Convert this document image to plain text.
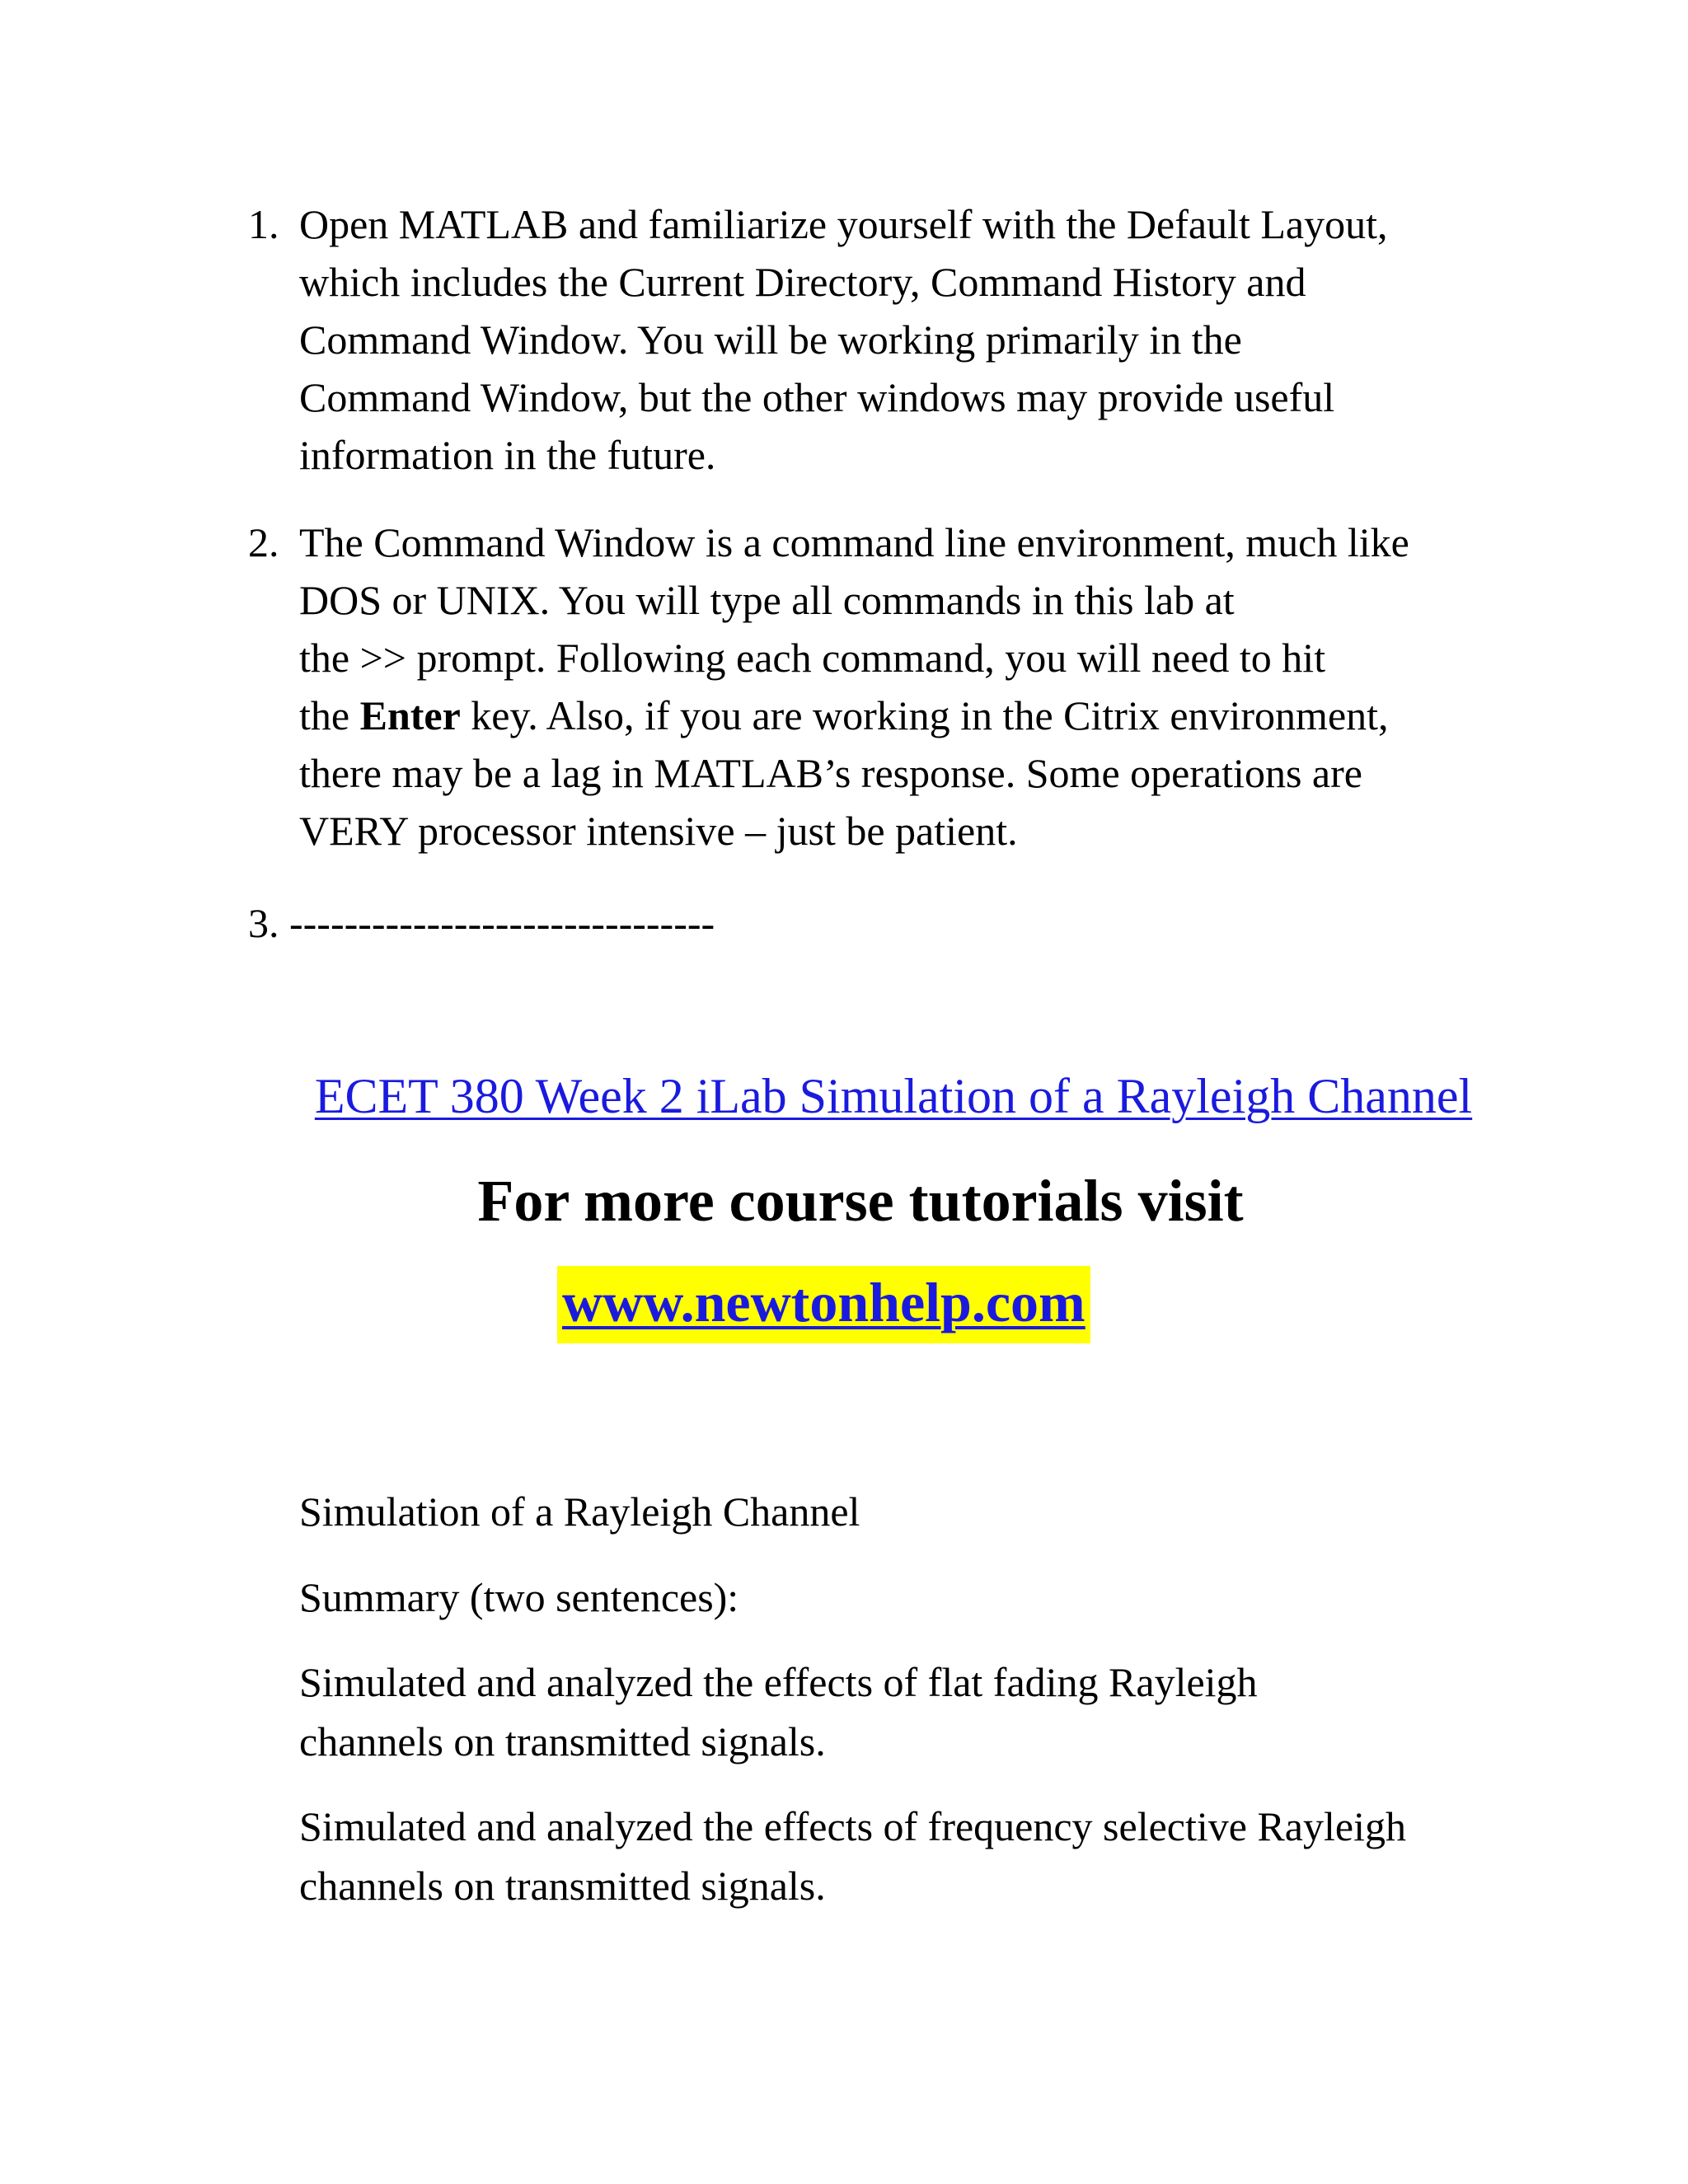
1. Open MATLAB and familiarize yourself with the Default Layout,
which includes the Current Directory, Command History and
Command Window. You will be working primarily in the
Command Window, but the other windows may provide useful
information in the future.
2. The Command Window is a command line environment, much like
DOS or UNIX. You will type all commands in this lab at
the >> prompt. Following each command, you will need to hit
the Enter key. Also, if you are working in the Citrix environment,
there may be a lag in MATLAB’s response. Some operations are
VERY processor intensive – just be patient.
3. -------------------------------
ECET 380 Week 2 iLab Simulation of a Rayleigh Channel
For more course tutorials visit
www.newtonhelp.com
Simulation of a Rayleigh Channel
Summary (two sentences):
Simulated and analyzed the effects of flat fading Rayleigh
channels on transmitted signals.
Simulated and analyzed the effects of frequency selective Rayleigh
channels on transmitted signals.
